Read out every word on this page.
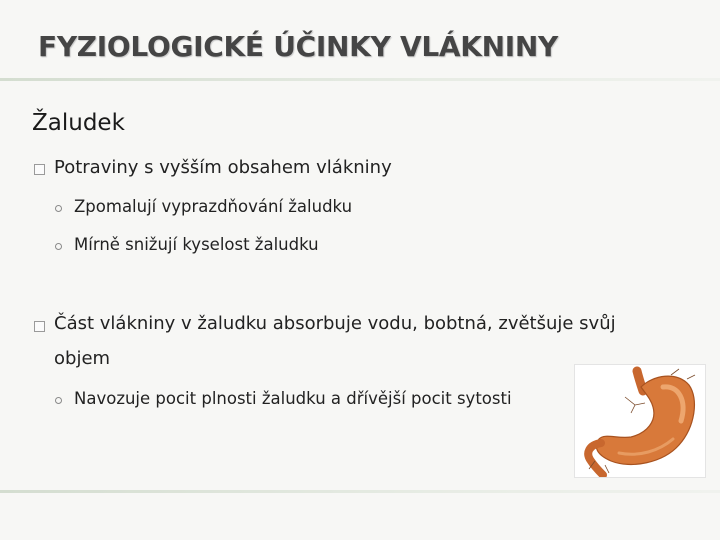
FYZIOLOGICKÉ ÚČINKY VLÁKNINY
Žaludek
Potraviny s vyšším obsahem vlákniny
Zpomalují vyprazdňování žaludku
Mírně snižují kyselost žaludku
Část vlákniny v žaludku absorbuje vodu, bobtná, zvětšuje svůj
objem
Navozuje pocit plnosti žaludku a dřívější pocit sytosti
